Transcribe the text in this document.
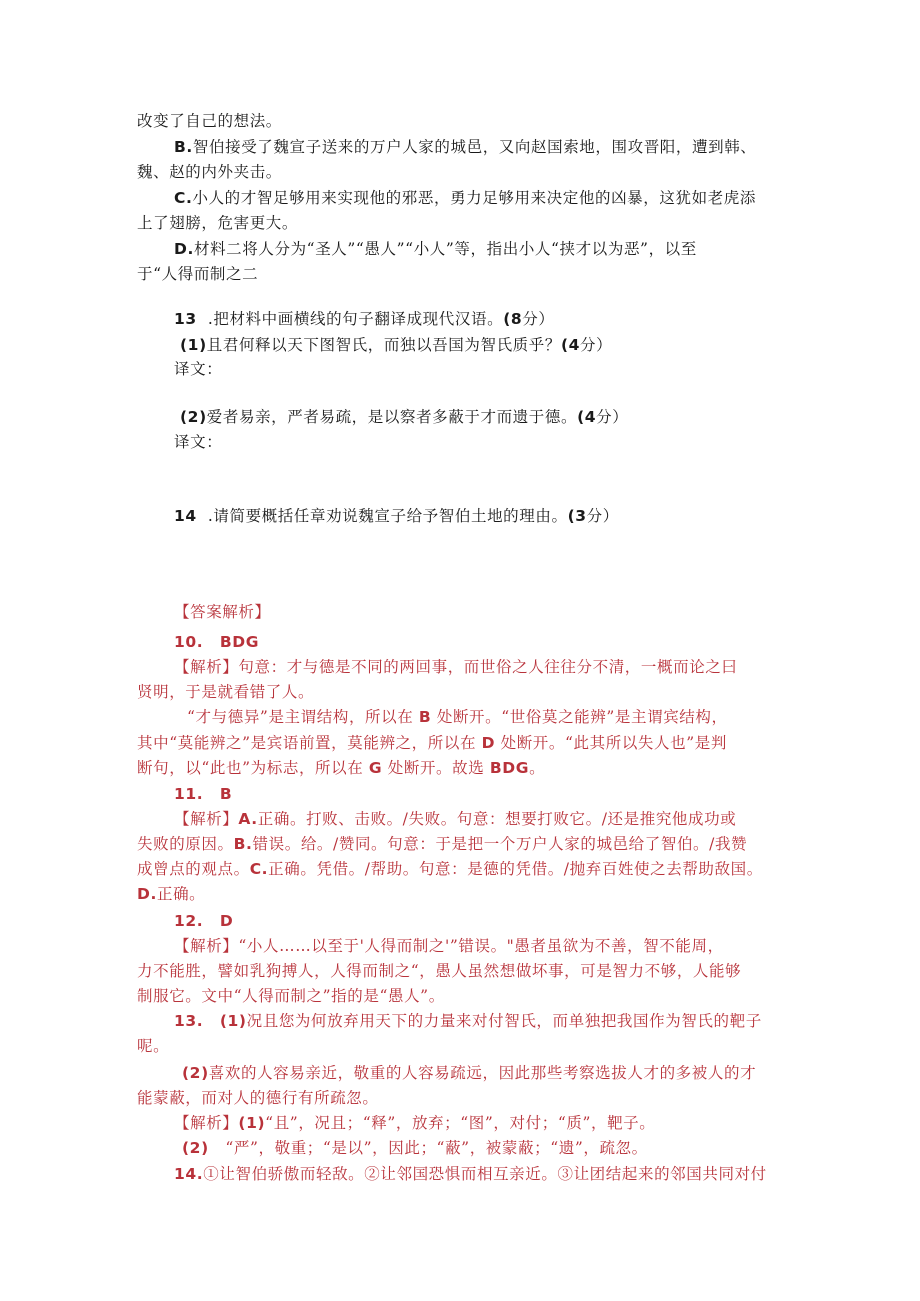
改变了自己的想法。
B.智伯接受了魏宣子送来的万户人家的城邑，又向赵国索地，围攻晋阳，遭到韩、
魏、赵的内外夹击。
C.小人的才智足够用来实现他的邪恶，勇力足够用来决定他的凶暴，这犹如老虎添
上了翅膀，危害更大。
D.材料二将人分为“圣人”“愚人”“小人”等，指出小人“挟才以为恶”，以至
于“人得而制之二
13 .把材料中画横线的句子翻译成现代汉语。(8分）
(1)且君何释以天下图智氏，而独以吾国为智氏质乎？(4分）
译文：
(2)爱者易亲，严者易疏，是以察者多蔽于才而遗于德。(4分）
译文：
14 .请简要概括任章劝说魏宣子给予智伯土地的理由。(3分）
【答案解析】
10. BDG
【解析】句意：才与德是不同的两回事，而世俗之人往往分不清，一概而论之曰
贤明，于是就看错了人。
“才与德异”是主谓结构，所以在 B 处断开。“世俗莫之能辨”是主谓宾结构，
其中“莫能辨之”是宾语前置，莫能辨之，所以在 D 处断开。“此其所以失人也”是判
断句，以“此也”为标志，所以在 G 处断开。故选 BDG。
11. B
【解析】A.正确。打败、击败。/失败。句意：想要打败它。/还是推究他成功或
失败的原因。B.错误。给。/赞同。句意：于是把一个万户人家的城邑给了智伯。/我赞
成曾点的观点。C.正确。凭借。/帮助。句意：是德的凭借。/抛弃百姓使之去帮助敌国。
D.正确。
12. D
【解析】“小人……以至于'人得而制之'”错误。"愚者虽欲为不善，智不能周，
力不能胜，譬如乳狗搏人，人得而制之“，愚人虽然想做坏事，可是智力不够，人能够
制服它。文中“人得而制之”指的是“愚人”。
13. (1)况且您为何放弃用天下的力量来对付智氏，而单独把我国作为智氏的靶子
呢。
(2)喜欢的人容易亲近，敬重的人容易疏远，因此那些考察选拔人才的多被人的才
能蒙蔽，而对人的德行有所疏忽。
【解析】(1)“且”，况且；“释”，放弃；“图”，对付；“质”，靶子。
(2) “严”，敬重；“是以”，因此；“蔽”，被蒙蔽；“遗”，疏忽。
14.①让智伯骄傲而轻敌。②让邻国恐惧而相互亲近。③让团结起来的邻国共同对付
